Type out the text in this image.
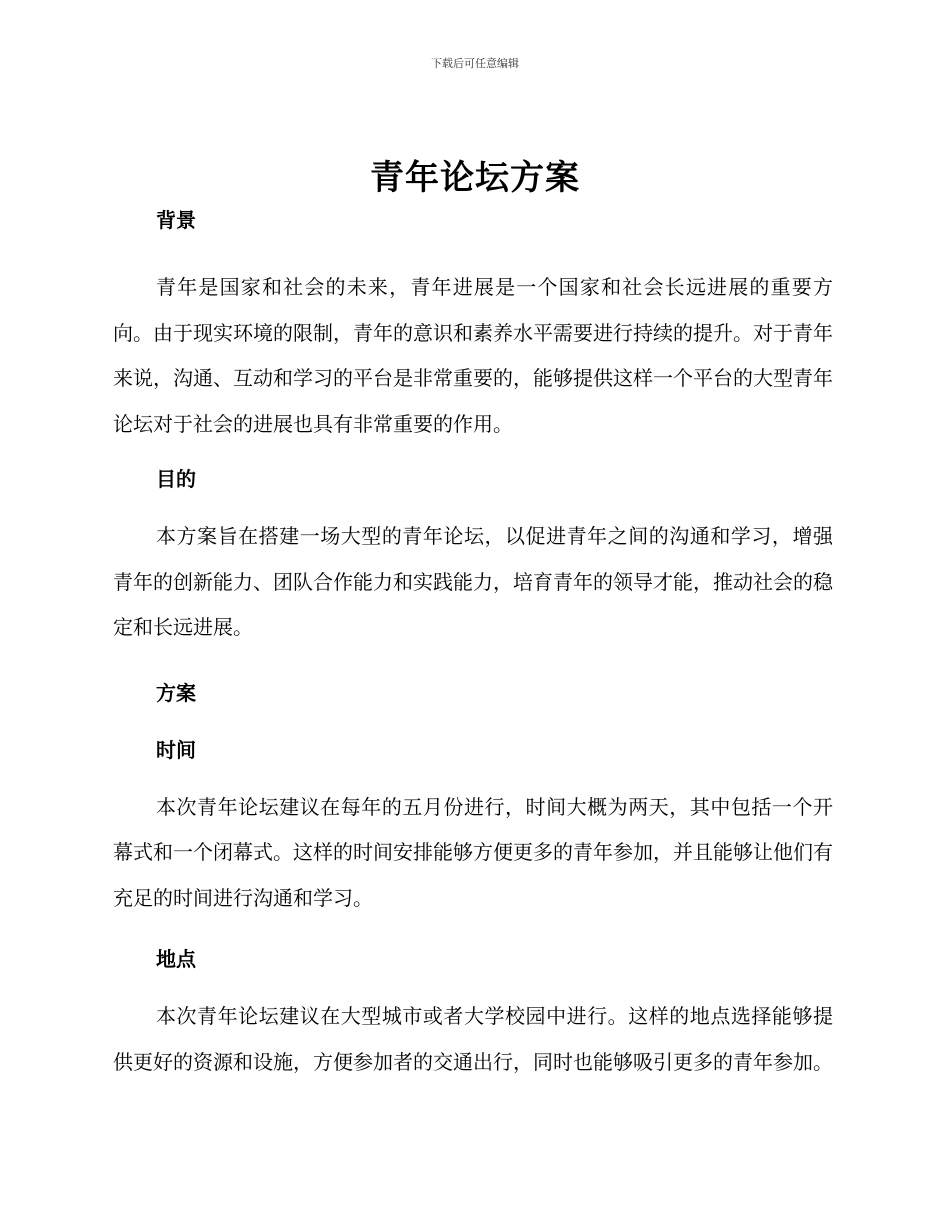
下载后可任意编辑
青年论坛方案

背景

青年是国家和社会的未来，青年进展是一个国家和社会长远进展的重要方向。由于现实环境的限制，青年的意识和素养水平需要进行持续的提升。对于青年来说，沟通、互动和学习的平台是非常重要的，能够提供这样一个平台的大型青年论坛对于社会的进展也具有非常重要的作用。

目的

本方案旨在搭建一场大型的青年论坛，以促进青年之间的沟通和学习，增强青年的创新能力、团队合作能力和实践能力，培育青年的领导才能，推动社会的稳定和长远进展。

方案

时间

本次青年论坛建议在每年的五月份进行，时间大概为两天，其中包括一个开幕式和一个闭幕式。这样的时间安排能够方便更多的青年参加，并且能够让他们有充足的时间进行沟通和学习。

地点

本次青年论坛建议在大型城市或者大学校园中进行。这样的地点选择能够提供更好的资源和设施，方便参加者的交通出行，同时也能够吸引更多的青年参加。
